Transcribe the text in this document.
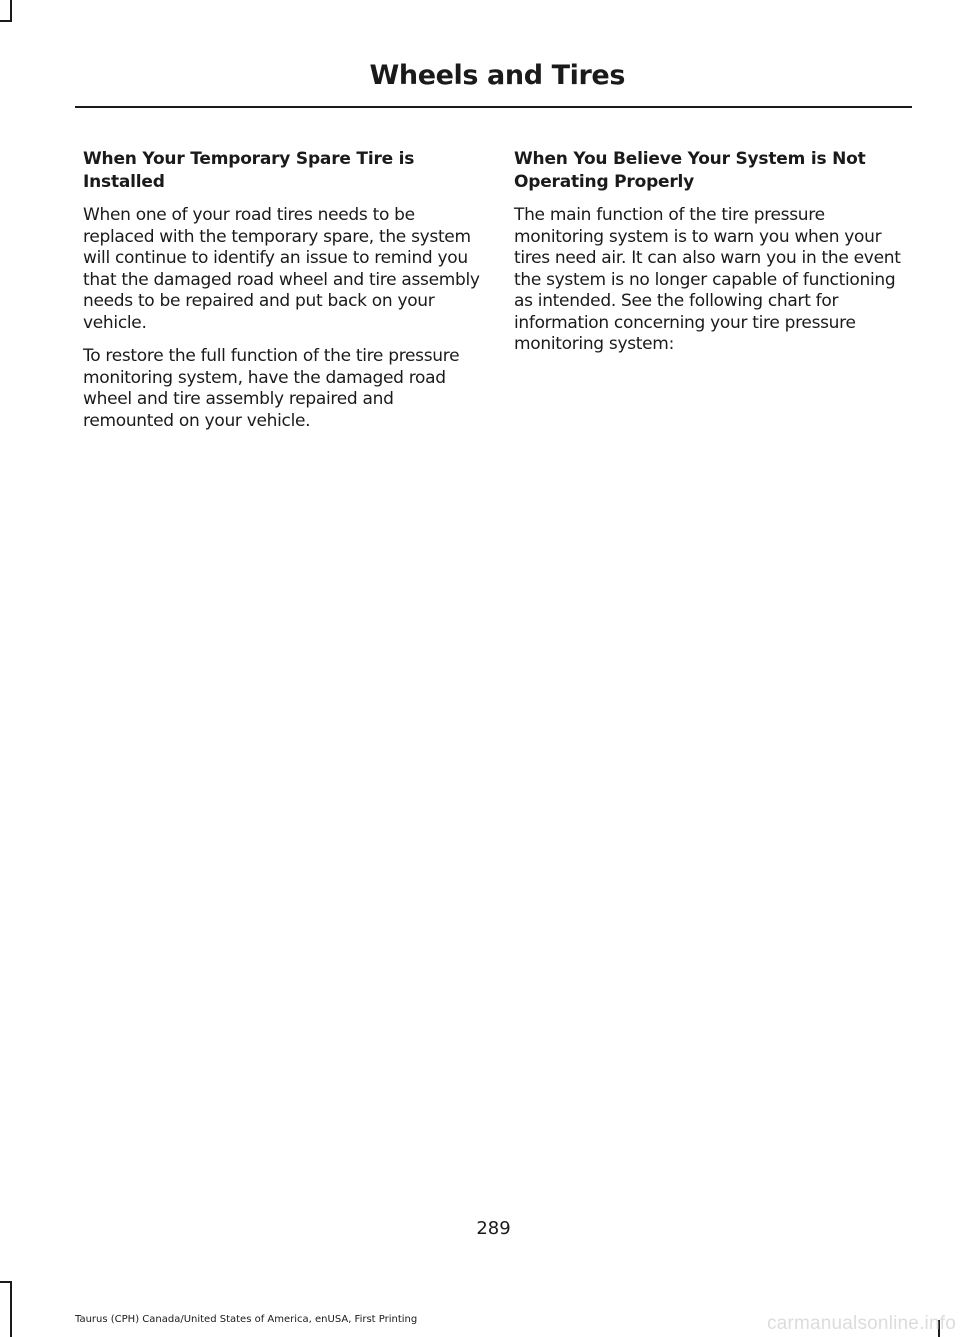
Wheels and Tires
When Your Temporary Spare Tire is Installed

When one of your road tires needs to be replaced with the temporary spare, the system will continue to identify an issue to remind you that the damaged road wheel and tire assembly needs to be repaired and put back on your vehicle.

To restore the full function of the tire pressure monitoring system, have the damaged road wheel and tire assembly repaired and remounted on your vehicle.

When You Believe Your System is Not Operating Properly

The main function of the tire pressure monitoring system is to warn you when your tires need air. It can also warn you in the event the system is no longer capable of functioning as intended. See the following chart for information concerning your tire pressure monitoring system:

289

Taurus (CPH) Canada/United States of America, enUSA, First Printing	carmanualsonline.info
